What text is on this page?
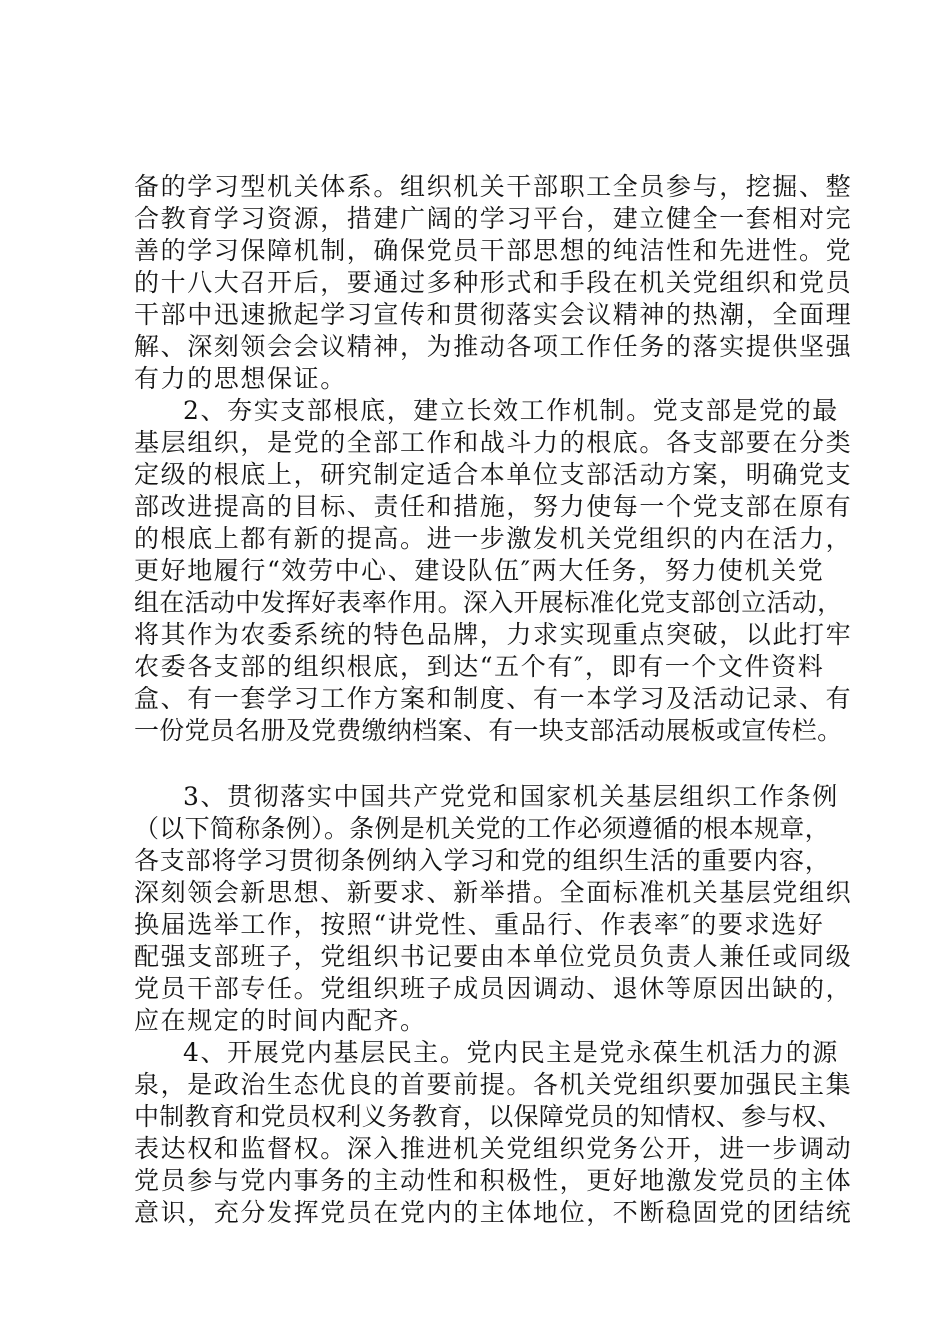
备的学习型机关体系。组织机关干部职工全员参与，挖掘、整
合教育学习资源，措建广阔的学习平台，建立健全一套相对完
善的学习保障机制，确保党员干部思想的纯洁性和先进性。党
的十八大召开后，要通过多种形式和手段在机关党组织和党员
干部中迅速掀起学习宣传和贯彻落实会议精神的热潮，全面理
解、深刻领会会议精神，为推动各项工作任务的落实提供坚强
有力的思想保证。
2、夯实支部根底，建立长效工作机制。党支部是党的最
基层组织，是党的全部工作和战斗力的根底。各支部要在分类
定级的根底上，研究制定适合本单位支部活动方案，明确党支
部改进提高的目标、责任和措施，努力使每一个党支部在原有
的根底上都有新的提高。进一步激发机关党组织的内在活力，
更好地履行“效劳中心、建设队伍″两大任务，努力使机关党
组在活动中发挥好表率作用。深入开展标准化党支部创立活动，
将其作为农委系统的特色品牌，力求实现重点突破，以此打牢
农委各支部的组织根底，到达“五个有″，即有一个文件资料
盒、有一套学习工作方案和制度、有一本学习及活动记录、有
一份党员名册及党费缴纳档案、有一块支部活动展板或宣传栏。
3、贯彻落实中国共产党党和国家机关基层组织工作条例
（以下简称条例）。条例是机关党的工作必须遵循的根本规章，
各支部将学习贯彻条例纳入学习和党的组织生活的重要内容，
深刻领会新思想、新要求、新举措。全面标准机关基层党组织
换届选举工作，按照“讲党性、重品行、作表率″的要求选好
配强支部班子，党组织书记要由本单位党员负责人兼任或同级
党员干部专任。党组织班子成员因调动、退休等原因出缺的，
应在规定的时间内配齐。
4、开展党内基层民主。党内民主是党永葆生机活力的源
泉，是政治生态优良的首要前提。各机关党组织要加强民主集
中制教育和党员权利义务教育，以保障党员的知情权、参与权、
表达权和监督权。深入推进机关党组织党务公开，进一步调动
党员参与党内事务的主动性和积极性，更好地激发党员的主体
意识，充分发挥党员在党内的主体地位，不断稳固党的团结统
